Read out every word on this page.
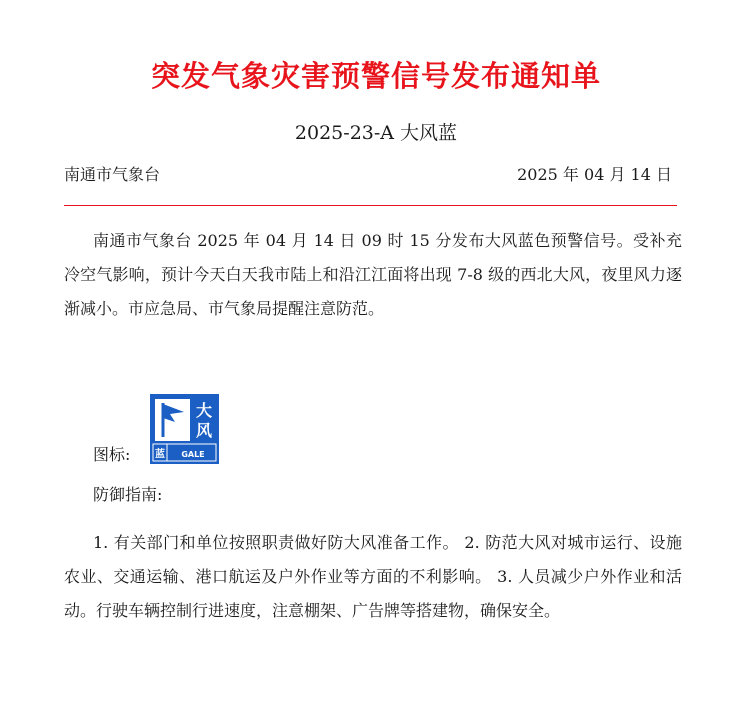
突发气象灾害预警信号发布通知单
2025-23-A 大风蓝
南通市气象台	2025 年 04 月 14 日
南通市气象台 2025 年 04 月 14 日 09 时 15 分发布大风蓝色预警信号。受补充冷空气影响，预计今天白天我市陆上和沿江江面将出现 7-8 级的西北大风，夜里风力逐渐减小。市应急局、市气象局提醒注意防范。
图标:
大
风
蓝 GALE
防御指南:
1. 有关部门和单位按照职责做好防大风准备工作。 2. 防范大风对城市运行、设施农业、交通运输、港口航运及户外作业等方面的不利影响。 3. 人员减少户外作业和活动。行驶车辆控制行进速度，注意棚架、广告牌等搭建物，确保安全。
